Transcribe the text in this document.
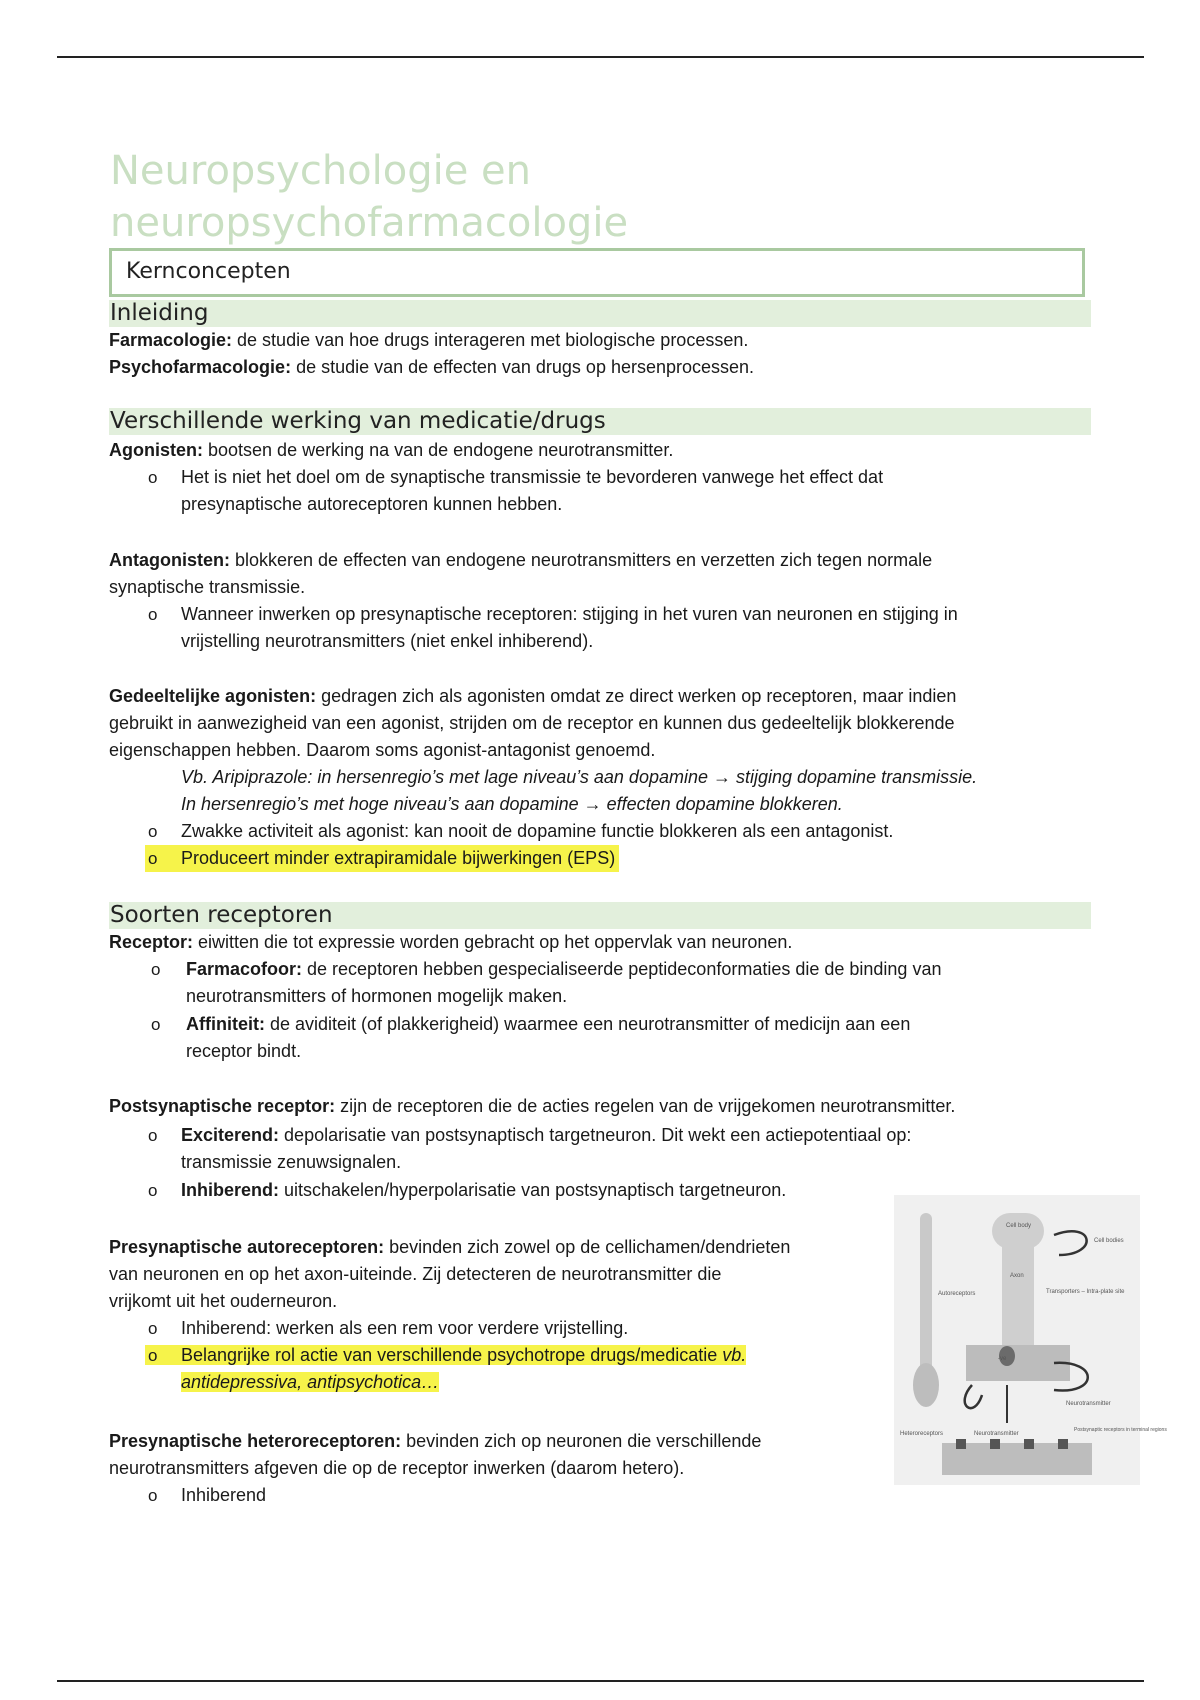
Neuropsychologie en
neuropsychofarmacologie
Kernconcepten
Inleiding
Farmacologie: de studie van hoe drugs interageren met biologische processen.
Psychofarmacologie: de studie van de effecten van drugs op hersenprocessen.
Verschillende werking van medicatie/drugs
Agonisten: bootsen de werking na van de endogene neurotransmitter.
o Het is niet het doel om de synaptische transmissie te bevorderen vanwege het effect dat
presynaptische autoreceptoren kunnen hebben.
Antagonisten: blokkeren de effecten van endogene neurotransmitters en verzetten zich tegen normale
synaptische transmissie.
o Wanneer inwerken op presynaptische receptoren: stijging in het vuren van neuronen en stijging in
vrijstelling neurotransmitters (niet enkel inhiberend).
Gedeeltelijke agonisten: gedragen zich als agonisten omdat ze direct werken op receptoren, maar indien
gebruikt in aanwezigheid van een agonist, strijden om de receptor en kunnen dus gedeeltelijk blokkerende
eigenschappen hebben. Daarom soms agonist-antagonist genoemd.
Vb. Aripiprazole: in hersenregio’s met lage niveau’s aan dopamine → stijging dopamine transmissie.
In hersenregio’s met hoge niveau’s aan dopamine → effecten dopamine blokkeren.
o Zwakke activiteit als agonist: kan nooit de dopamine functie blokkeren als een antagonist.
o Produceert minder extrapiramidale bijwerkingen (EPS)
Soorten receptoren
Receptor: eiwitten die tot expressie worden gebracht op het oppervlak van neuronen.
o Farmacofoor: de receptoren hebben gespecialiseerde peptideconformaties die de binding van
neurotransmitters of hormonen mogelijk maken.
o Affiniteit: de aviditeit (of plakkerigheid) waarmee een neurotransmitter of medicijn aan een
receptor bindt.
Postsynaptische receptor: zijn de receptoren die de acties regelen van de vrijgekomen neurotransmitter.
o Exciterend: depolarisatie van postsynaptisch targetneuron. Dit wekt een actiepotentiaal op:
transmissie zenuwsignalen.
o Inhiberend: uitschakelen/hyperpolarisatie van postsynaptisch targetneuron.
Presynaptische autoreceptoren: bevinden zich zowel op de cellichamen/dendrieten
van neuronen en op het axon-uiteinde. Zij detecteren de neurotransmitter die
vrijkomt uit het ouderneuron.
o Inhiberend: werken als een rem voor verdere vrijstelling.
o Belangrijke rol actie van verschillende psychotrope drugs/medicatie vb.
antidepressiva, antipsychotica…
Presynaptische heteroreceptoren: bevinden zich op neuronen die verschillende
neurotransmitters afgeven die op de receptor inwerken (daarom hetero).
o Inhiberend
Cell body
Cell bodies
Axon
Autoreceptors	Transporters – Intra-plate site
-ve
Neurotransmitter
Heteroreceptors	Neurotransmitter
Postsynaptic receptors in terminal regions
